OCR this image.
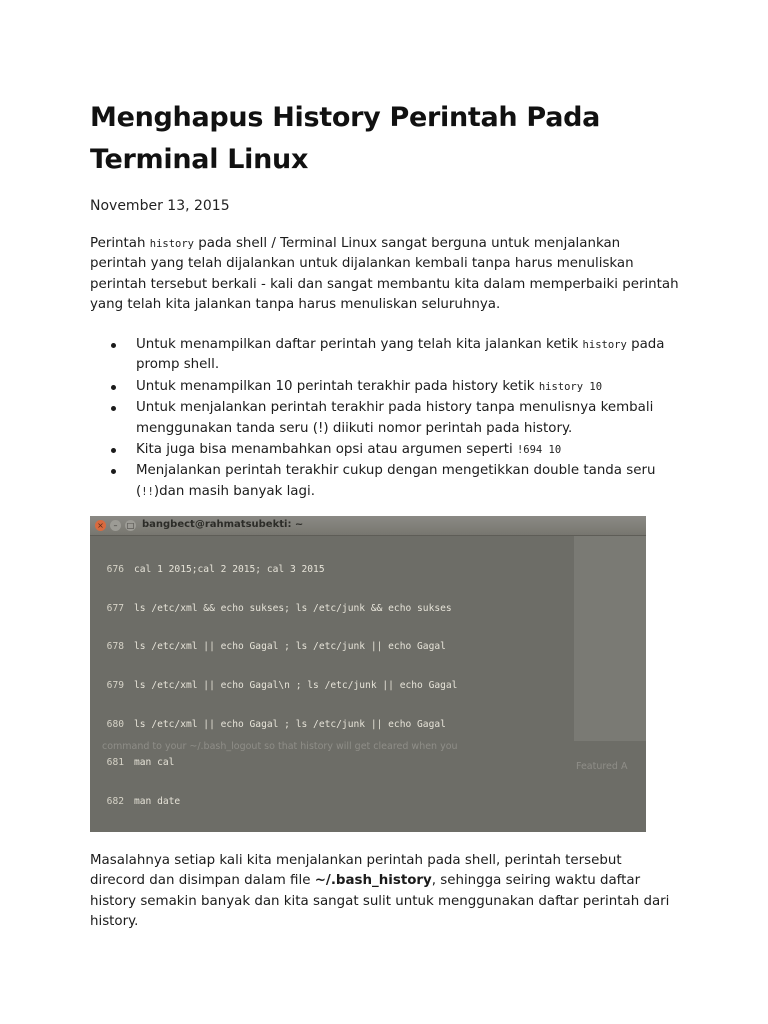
Menghapus History Perintah Pada Terminal Linux
November 13, 2015

Perintah history pada shell / Terminal Linux sangat berguna untuk menjalankan perintah yang telah dijalankan untuk dijalankan kembali tanpa harus menuliskan perintah tersebut berkali - kali dan sangat membantu kita dalam memperbaiki perintah yang telah kita jalankan tanpa harus menuliskan seluruhnya.

Untuk menampilkan daftar perintah yang telah kita jalankan ketik history pada promp shell.
Untuk menampilkan 10 perintah terakhir pada history ketik history 10
Untuk menjalankan perintah terakhir pada history tanpa menulisnya kembali menggunakan tanda seru (!) diikuti nomor perintah pada history.
Kita juga bisa menambahkan opsi atau argumen seperti !694 10
Menjalankan perintah terakhir cukup dengan mengetikkan double tanda seru (!!)dan masih banyak lagi.

Masalahnya setiap kali kita menjalankan perintah pada shell, perintah tersebut direcord dan disimpan dalam file ~/.bash_history, sehingga seiring waktu daftar history semakin banyak dan kita sangat sulit untuk menggunakan daftar perintah dari history.

command to your ~/.bash_logout so that history will get cleared when you
Featured A
×	–	□ bangbect@rahmatsubekti: ~

676 cal 1 2015;cal 2 2015; cal 3 2015

677 ls /etc/xml && echo sukses; ls /etc/junk && echo sukses

678 ls /etc/xml || echo Gagal ; ls /etc/junk || echo Gagal

679 ls /etc/xml || echo Gagal\n ; ls /etc/junk || echo Gagal

680 ls /etc/xml || echo Gagal ; ls /etc/junk || echo Gagal

681 man cal

682 man date
